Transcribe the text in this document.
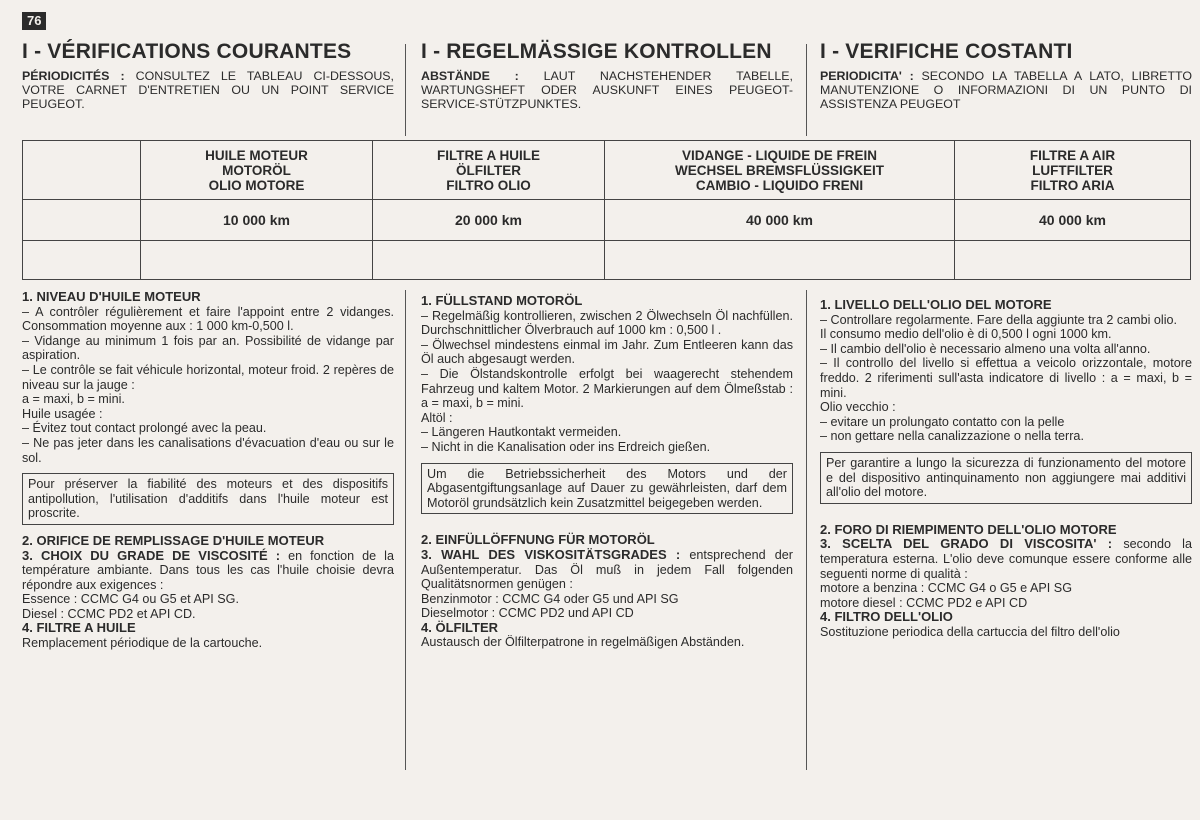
76
I - VÉRIFICATIONS COURANTES

PÉRIODICITÉS : CONSULTEZ LE TABLEAU CI-DESSOUS, VOTRE CARNET D'ENTRETIEN OU UN POINT SERVICE PEUGEOT.

I - REGELMÄSSIGE KONTROLLEN

ABSTÄNDE : LAUT NACHSTEHENDER TABELLE, WARTUNGSHEFT ODER AUSKUNFT EINES PEUGEOT-SERVICE-STÜTZPUNKTES.

I - VERIFICHE COSTANTI

PERIODICITA' : SECONDO LA TABELLA A LATO, LIBRETTO MANUTENZIONE O INFORMAZIONI DI UN PUNTO DI ASSISTENZA PEUGEOT

	HUILE MOTEUR
MOTORÖL
OLIO MOTORE	FILTRE A HUILE
ÖLFILTER
FILTRO OLIO	VIDANGE - LIQUIDE DE FREIN
WECHSEL BREMSFLÜSSIGKEIT
CAMBIO - LIQUIDO FRENI	FILTRE A AIR
LUFTFILTER
FILTRO ARIA

	10 000 km	20 000 km	40 000 km	40 000 km

1. NIVEAU D'HUILE MOTEUR

– A contrôler régulièrement et faire l'appoint entre 2 vidanges. Consommation moyenne aux : 1 000 km-0,500 l.

– Vidange au minimum 1 fois par an. Possibilité de vidange par aspiration.

– Le contrôle se fait véhicule horizontal, moteur froid. 2 repères de niveau sur la jauge :

a = maxi, b = mini.

Huile usagée :

– Évitez tout contact prolongé avec la peau.

– Ne pas jeter dans les canalisations d'évacuation d'eau ou sur le sol.

Pour préserver la fiabilité des moteurs et des dispositifs antipollution, l'utilisation d'additifs dans l'huile moteur est proscrite.

2. ORIFICE DE REMPLISSAGE D'HUILE MOTEUR

3. CHOIX DU GRADE DE VISCOSITÉ : en fonction de la température ambiante. Dans tous les cas l'huile choisie devra répondre aux exigences :

Essence : CCMC G4 ou G5 et API SG.

Diesel : CCMC PD2 et API CD.

4. FILTRE A HUILE

Remplacement périodique de la cartouche.

1. FÜLLSTAND MOTORÖL

– Regelmäßig kontrollieren, zwischen 2 Ölwechseln Öl nachfüllen. Durchschnittlicher Ölverbrauch auf 1000 km : 0,500 l .

– Ölwechsel mindestens einmal im Jahr. Zum Entleeren kann das Öl auch abgesaugt werden.

– Die Ölstandskontrolle erfolgt bei waagerecht stehendem Fahrzeug und kaltem Motor. 2 Markierungen auf dem Ölmeßstab : a = maxi, b = mini.

Altöl :

– Längeren Hautkontakt vermeiden.

– Nicht in die Kanalisation oder ins Erdreich gießen.

Um die Betriebssicherheit des Motors und der Abgasentgiftungsanlage auf Dauer zu gewährleisten, darf dem Motoröl grundsätzlich kein Zusatzmittel beigegeben werden.

2. EINFÜLLÖFFNUNG FÜR MOTORÖL

3. WAHL DES VISKOSITÄTSGRADES : entsprechend der Außentemperatur. Das Öl muß in jedem Fall folgenden Qualitätsnormen genügen :

Benzinmotor : CCMC G4 oder G5 und API SG

Dieselmotor : CCMC PD2 und API CD

4. ÖLFILTER

Austausch der Ölfilterpatrone in regelmäßigen Abständen.

1. LIVELLO DELL'OLIO DEL MOTORE

– Controllare regolarmente. Fare della aggiunte tra 2 cambi olio.

Il consumo medio dell'olio è di 0,500 l ogni 1000 km.

– Il cambio dell'olio è necessario almeno una volta all'anno.

– Il controllo del livello si effettua a veicolo orizzontale, motore freddo. 2 riferimenti sull'asta indicatore di livello : a = maxi, b = mini.

Olio vecchio :

– evitare un prolungato contatto con la pelle

– non gettare nella canalizzazione o nella terra.

Per garantire a lungo la sicurezza di funzionamento del motore e del dispositivo antinquinamento non aggiungere mai additivi all'olio del motore.

2. FORO DI RIEMPIMENTO DELL'OLIO MOTORE

3. SCELTA DEL GRADO DI VISCOSITA' : secondo la temperatura esterna. L'olio deve comunque essere conforme alle seguenti norme di qualità :

motore a benzina : CCMC G4 o G5 e API SG

motore diesel : CCMC PD2 e API CD

4. FILTRO DELL'OLIO

Sostituzione periodica della cartuccia del filtro dell'olio
